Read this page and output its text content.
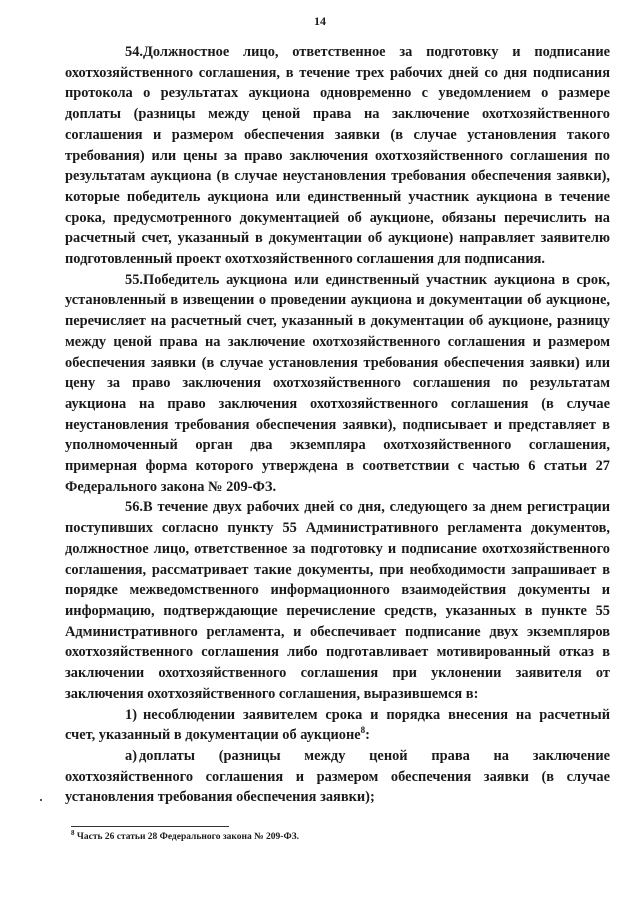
14

54.Должностное лицо, ответственное за подготовку и подписание охотхозяйственного соглашения, в течение трех рабочих дней со дня подписания протокола о результатах аукциона одновременно с уведомлением о размере доплаты (разницы между ценой права на заключение охотхозяйственного соглашения и размером обеспечения заявки (в случае установления такого требования) или цены за право заключения охотхозяйственного соглашения по результатам аукциона (в случае неустановления требования обеспечения заявки), которые победитель аукциона или единственный участник аукциона в течение срока, предусмотренного документацией об аукционе, обязаны перечислить на расчетный счет, указанный в документации об аукционе) направляет заявителю подготовленный проект охотхозяйственного соглашения для подписания.

55.Победитель аукциона или единственный участник аукциона в срок, установленный в извещении о проведении аукциона и документации об аукционе, перечисляет на расчетный счет, указанный в документации об аукционе, разницу между ценой права на заключение охотхозяйственного соглашения и размером обеспечения заявки (в случае установления требования обеспечения заявки) или цену за право заключения охотхозяйственного соглашения по результатам аукциона на право заключения охотхозяйственного соглашения (в случае неустановления требования обеспечения заявки), подписывает и представляет в уполномоченный орган два экземпляра охотхозяйственного соглашения, примерная форма которого утверждена в соответствии с частью 6 статьи 27 Федерального закона № 209-ФЗ.

56.В течение двух рабочих дней со дня, следующего за днем регистрации поступивших согласно пункту 55 Административного регламента документов, должностное лицо, ответственное за подготовку и подписание охотхозяйственного соглашения, рассматривает такие документы, при необходимости запрашивает в порядке межведомственного информационного взаимодействия документы и информацию, подтверждающие перечисление средств, указанных в пункте 55 Административного регламента, и обеспечивает подписание двух экземпляров охотхозяйственного соглашения либо подготавливает мотивированный отказ в заключении охотхозяйственного соглашения при уклонении заявителя от заключения охотхозяйственного соглашения, выразившемся в:

1) несоблюдении заявителем срока и порядка внесения на расчетный счет, указанный в документации об аукционе$^8$:

а) доплаты (разницы между ценой права на заключение охотхозяйственного соглашения и размером обеспечения заявки (в случае установления требования обеспечения заявки);

$^8$ Часть 26 статьи 28 Федерального закона № 209-ФЗ.
